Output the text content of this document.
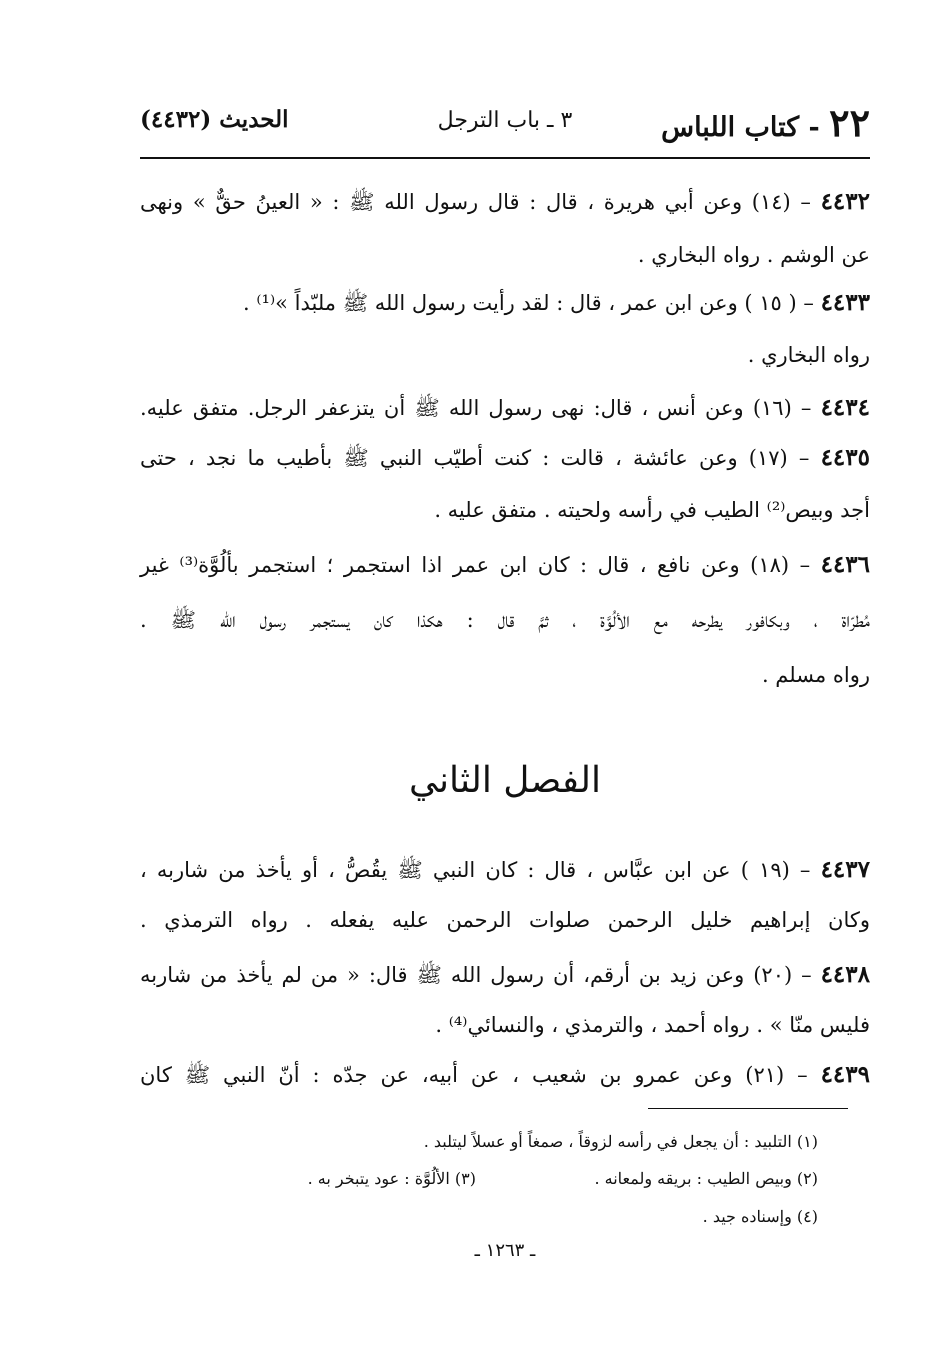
٢٢ - كتاب اللباس
٣ ـ باب الترجل
الحديث (٤٤٣٢)
٤٤٣٢ – (١٤) وعن أبي هريرة ، قال : قال رسول الله ﷺ : « العينُ حقٌّ » ونهى
عن الوشم . رواه البخاري .
٤٤٣٣ – ( ١٥ ) وعن ابن عمر ، قال : لقد رأيت رسول الله ﷺ ملبّداً »⁽¹⁾ .
رواه البخاري .
٤٤٣٤ – (١٦) وعن أنس ، قال: نهى رسول الله ﷺ أن يتزعفر الرجل. متفق عليه.
٤٤٣٥ – (١٧) وعن عائشة ، قالت : كنت أطيّب النبي ﷺ بأطيب ما نجد ، حتى
أجد وبيص⁽²⁾ الطيب في رأسه ولحيته . متفق عليه .
٤٤٣٦ – (١٨) وعن نافع ، قال : كان ابن عمر اذا استجمر ؛ استجمر بألُوَّة⁽³⁾ غير
مُطرّاة ، وبكافور يطرحه مع الألُوَّة ، ثمَّ قال : هكذا كان يستجمر رسول الله ﷺ .
رواه مسلم .
الفصل الثاني
٤٤٣٧ – (١٩ ) عن ابن عبَّاس ، قال : كان النبي ﷺ يقُصُّ ، أو يأخذ من شاربه ،
وكان إبراهيم خليل الرحمن صلوات الرحمن عليه يفعله . رواه الترمذي .
٤٤٣٨ – (٢٠) وعن زيد بن أرقم، أن رسول الله ﷺ قال: « من لم يأخذ من شاربه
فليس منّا » . رواه أحمد ، والترمذي ، والنسائي⁽⁴⁾ .
٤٤٣٩ – (٢١) وعن عمرو بن شعيب ، عن أبيه، عن جدّه : أنّ النبي ﷺ كان
(١) التلبيد : أن يجعل في رأسه لزوقاً ، صمغاً أو عسلاً ليتلبد .
(٢) وبيص الطيب : بريقه ولمعانه .
(٣) الألُوَّة : عود يتبخر به .
(٤) وإسناده جيد .
ـ ١٢٦٣ ـ
